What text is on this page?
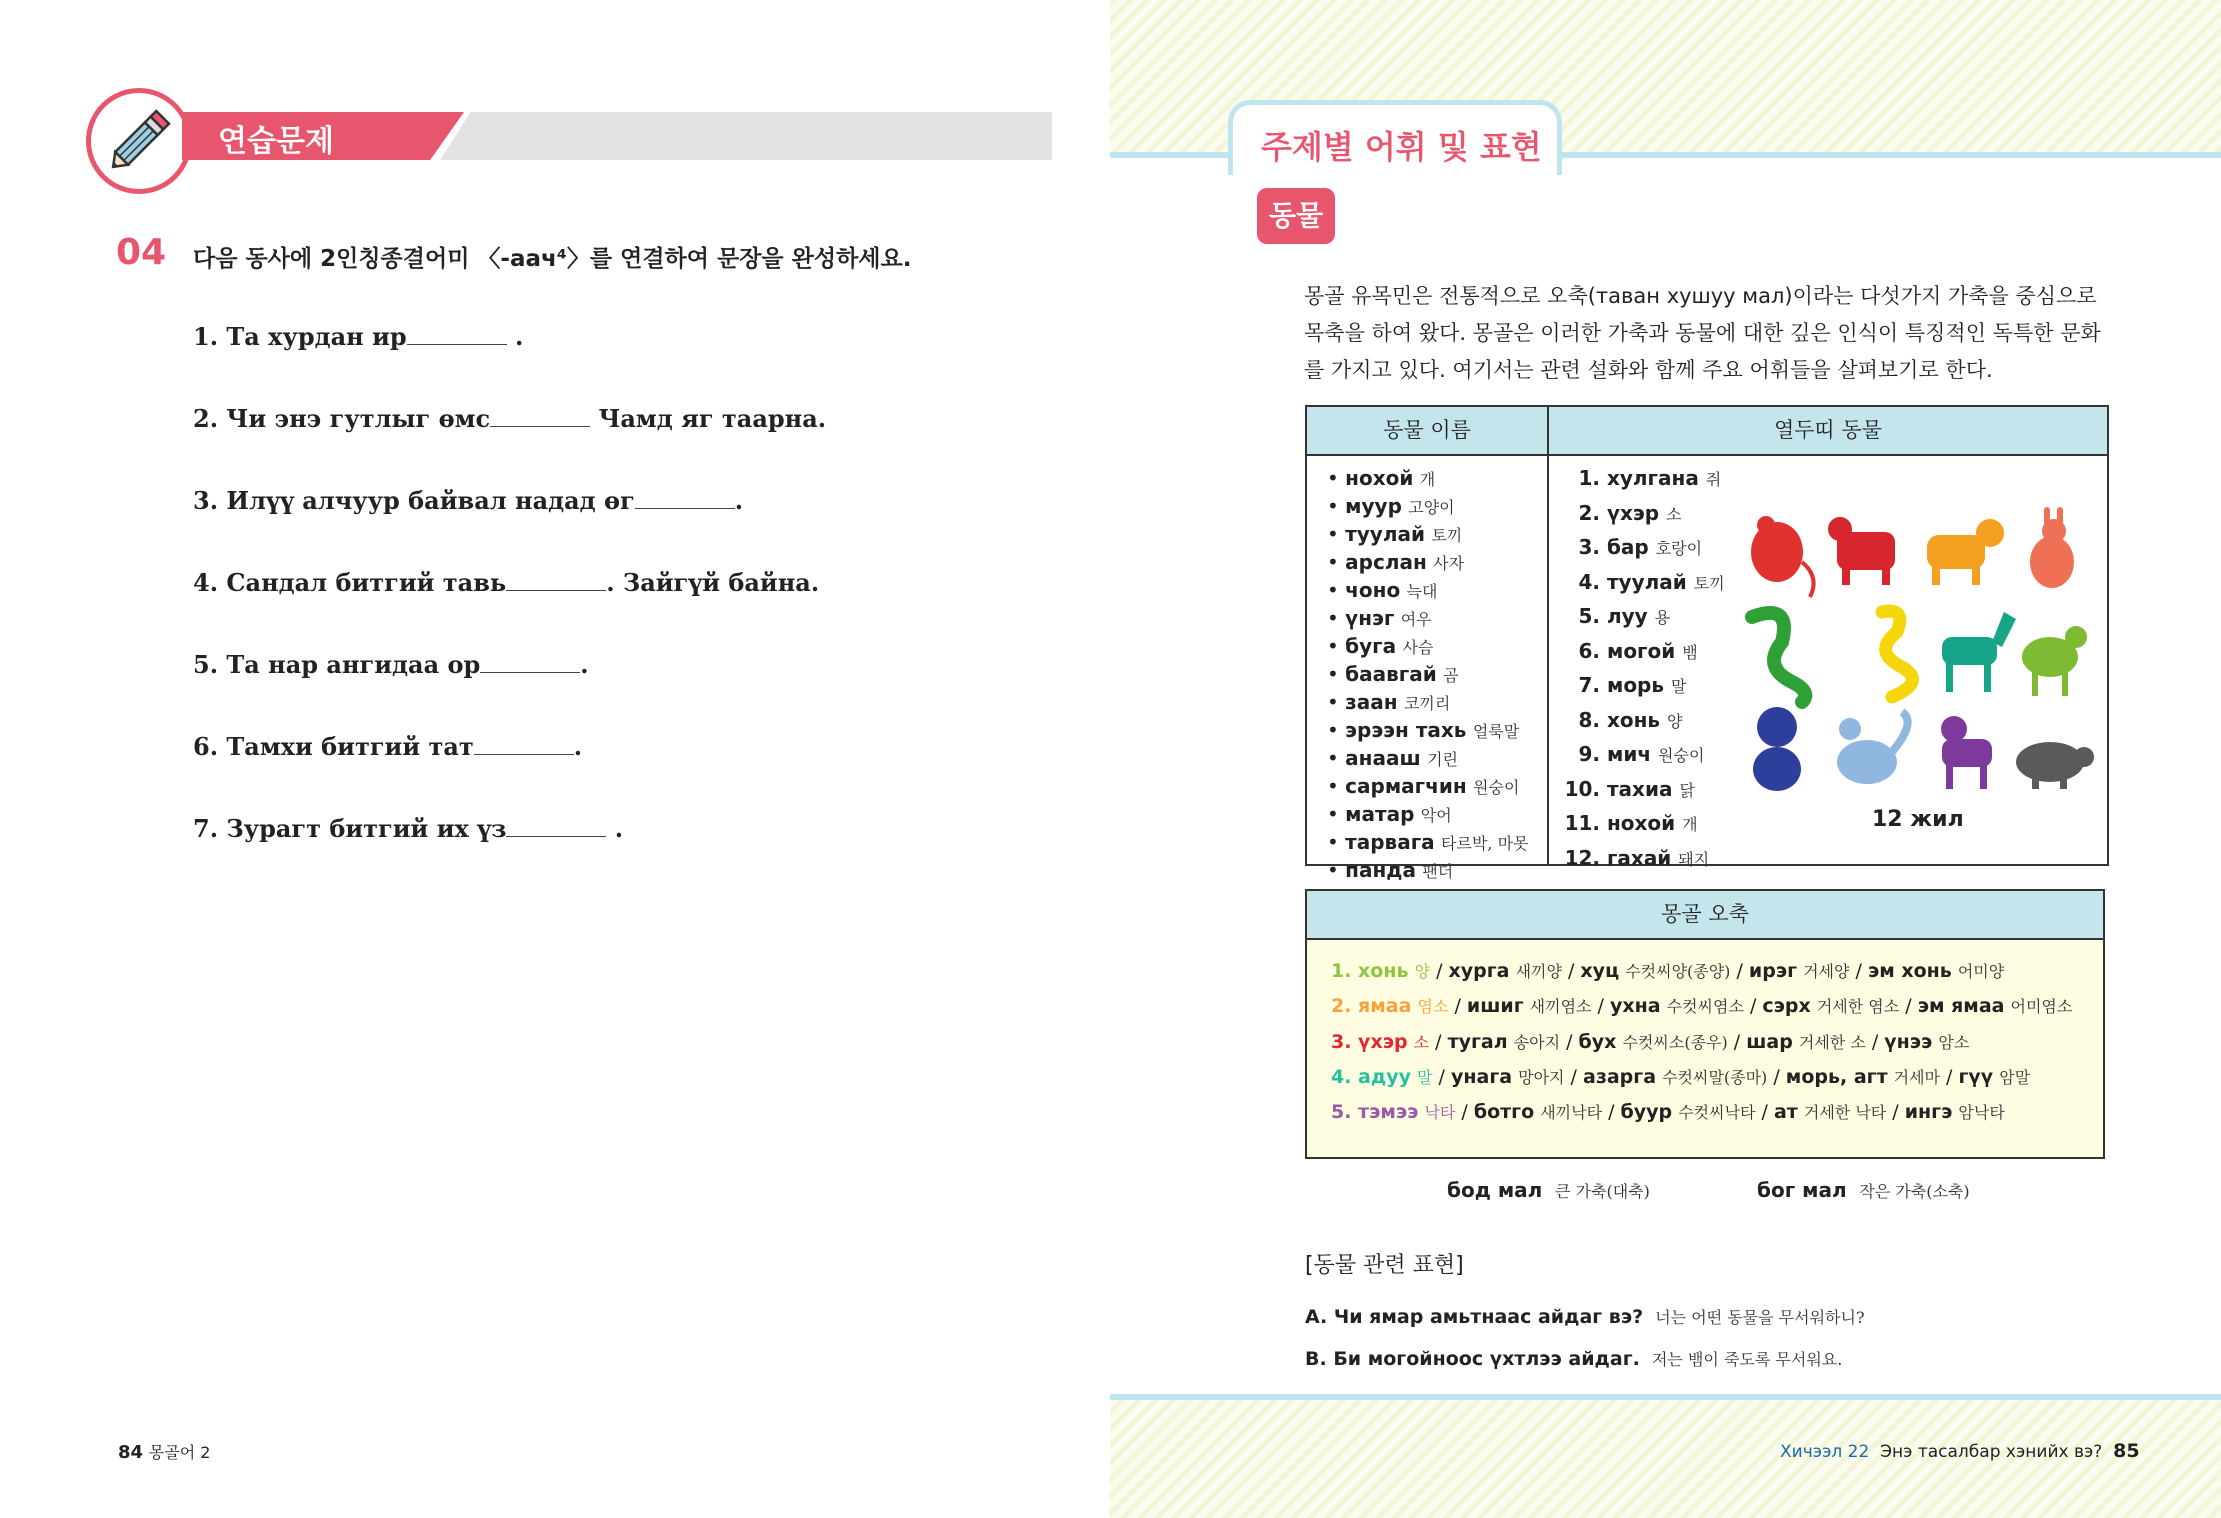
연습문제
04 다음 동사에 2인칭종결어미 〈-аач⁴〉를 연결하여 문장을 완성하세요.
1. Та хурдан ир	.
2. Чи энэ гутлыг өмс	Чамд яг таарна.
3. Илүү алчуур байвал надад өг	.
4. Сандал битгий тавь	. Зайгүй байна.
5. Та нар ангидаа ор	.
6. Тамхи битгий тат	.
7. Зурагт битгий их үз	.
84 몽골어 2
주제별 어휘 및 표현
동물
몽골 유목민은 전통적으로 오축(таван хушуу мал)이라는 다섯가지 가축을 중심으로 목축을 하여 왔다. 몽골은 이러한 가축과 동물에 대한 깊은 인식이 특징적인 독특한 문화를 가지고 있다. 여기서는 관련 설화와 함께 주요 어휘들을 살펴보기로 한다.
동물 이름	열두띠 동물
• нохой 개
• муур 고양이
• туулай 토끼
• арслан 사자
• чоно 늑대
• үнэг 여우
• буга 사슴
• баавгай 곰
• заан 코끼리
• эрээн тахь 얼룩말
• анааш 기린
• сармагчин 원숭이
• матар 악어
• тарвага 타르박, 마못
• панда 팬더
1. хулгана 쥐
2. үхэр 소
3. бар 호랑이
4. туулай 토끼
5. луу 용
6. могой 뱀
7. морь 말
8. хонь 양
9. мич 원숭이
10. тахиа 닭
11. нохой 개
12. гахай 돼지
12 жил
몽골 오축
1. хонь 양 / хурга 새끼양 / хуц 수컷씨양(종양) / ирэг 거세양 / эм хонь 어미양
2. ямаа 염소 / ишиг 새끼염소 / ухна 수컷씨염소 / сэрх 거세한 염소 / эм ямаа 어미염소
3. үхэр 소 / тугал 송아지 / бух 수컷씨소(종우) / шар 거세한 소 / үнээ 암소
4. адуу 말 / унага 망아지 / азарга 수컷씨말(종마) / морь, агт 거세마 / гүү 암말
5. тэмээ 낙타 / ботго 새끼낙타 / буур 수컷씨낙타 / ат 거세한 낙타 / ингэ 암낙타
бод мал 큰 가축(대축)	бог мал 작은 가축(소축)
[동물 관련 표현]
A. Чи ямар амьтнаас айдаг вэ? 너는 어떤 동물을 무서워하니?
B. Би могойноос үхтлээ айдаг. 저는 뱀이 죽도록 무서워요.
Хичээл 22 Энэ тасалбар хэнийх вэ? 85
